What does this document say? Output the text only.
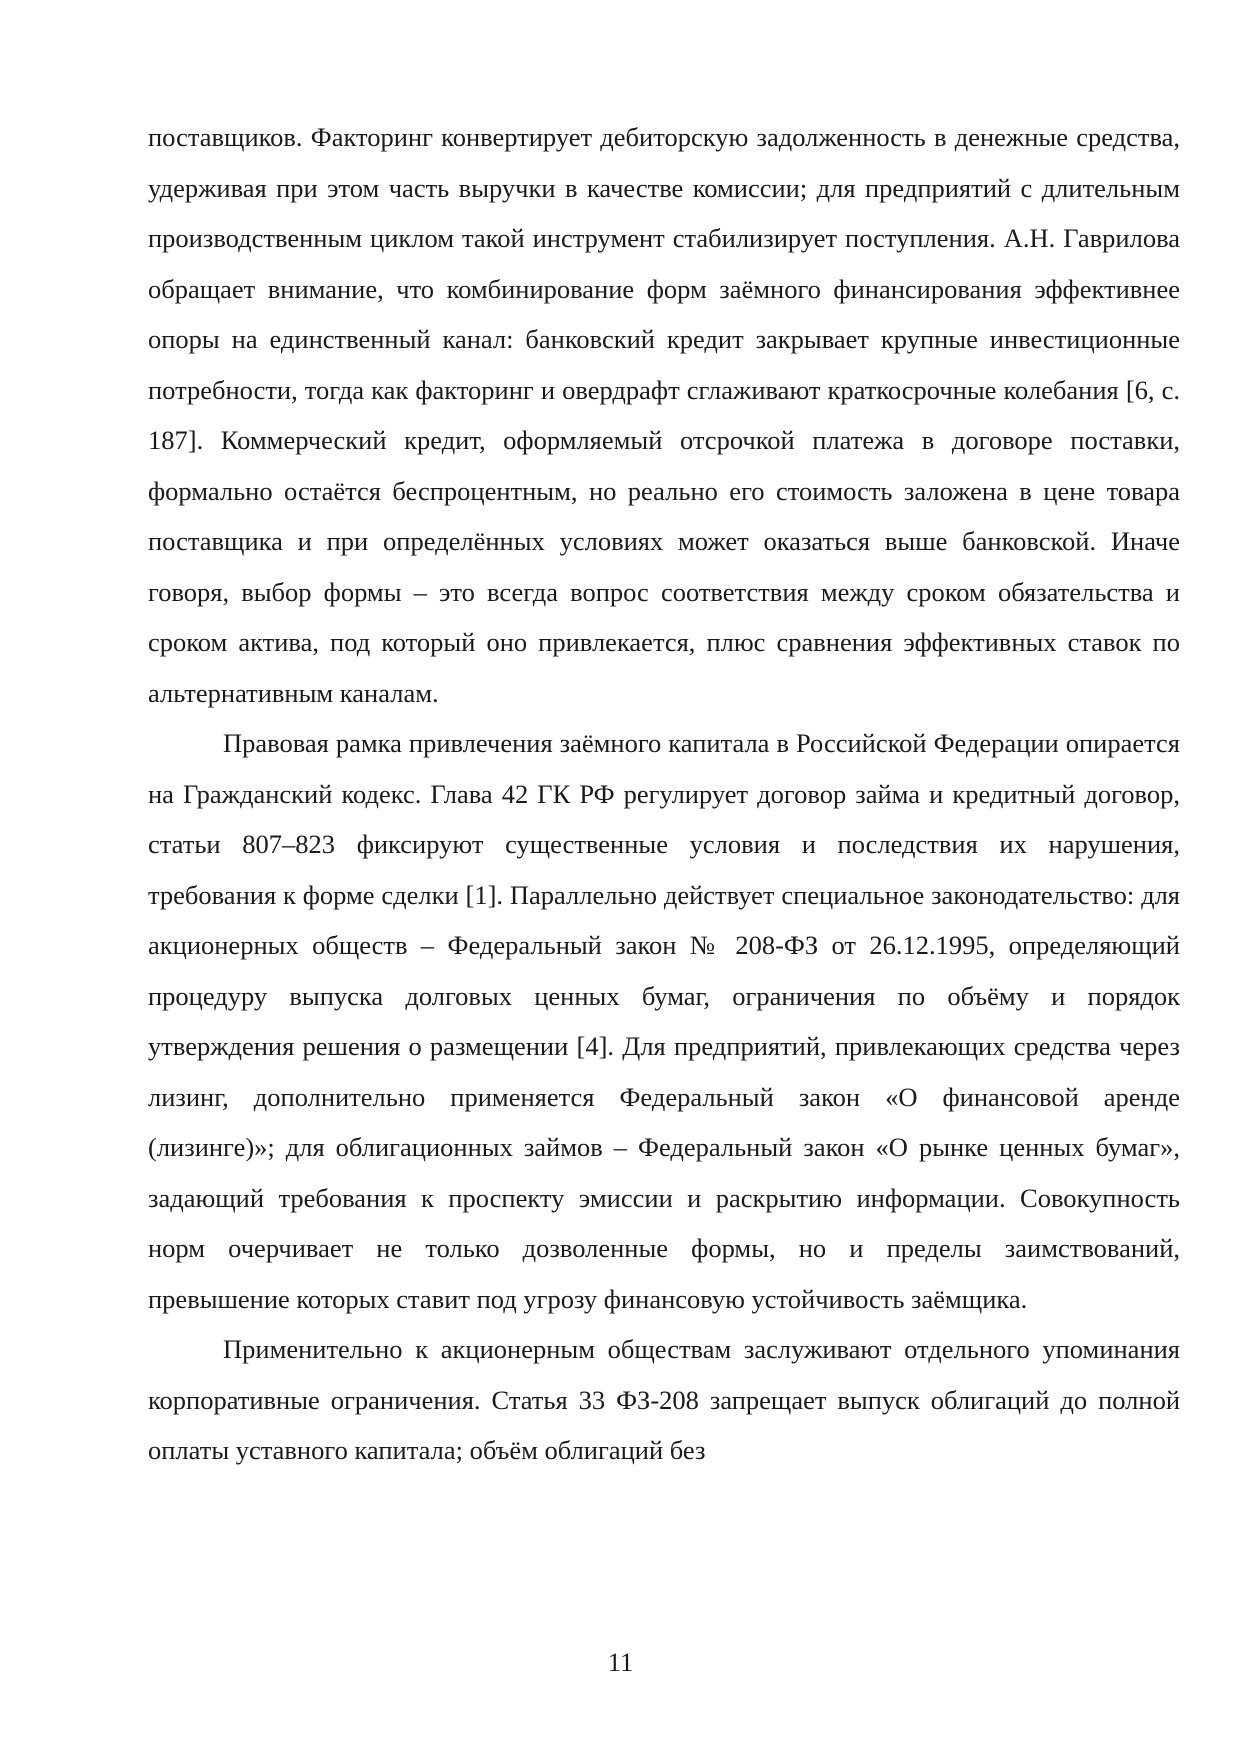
поставщиков. Факторинг конвертирует дебиторскую задолженность в денежные средства, удерживая при этом часть выручки в качестве комиссии; для предприятий с длительным производственным циклом такой инструмент стабилизирует поступления. А.Н. Гаврилова обращает внимание, что комбинирование форм заёмного финансирования эффективнее опоры на единственный канал: банковский кредит закрывает крупные инвестиционные потребности, тогда как факторинг и овердрафт сглаживают краткосрочные колебания [6, с. 187]. Коммерческий кредит, оформляемый отсрочкой платежа в договоре поставки, формально остаётся беспроцентным, но реально его стоимость заложена в цене товара поставщика и при определённых условиях может оказаться выше банковской. Иначе говоря, выбор формы – это всегда вопрос соответствия между сроком обязательства и сроком актива, под который оно привлекается, плюс сравнения эффективных ставок по альтернативным каналам.

Правовая рамка привлечения заёмного капитала в Российской Федерации опирается на Гражданский кодекс. Глава 42 ГК РФ регулирует договор займа и кредитный договор, статьи 807–823 фиксируют существенные условия и последствия их нарушения, требования к форме сделки [1]. Параллельно действует специальное законодательство: для акционерных обществ – Федеральный закон № 208-ФЗ от 26.12.1995, определяющий процедуру выпуска долговых ценных бумаг, ограничения по объёму и порядок утверждения решения о размещении [4]. Для предприятий, привлекающих средства через лизинг, дополнительно применяется Федеральный закон «О финансовой аренде (лизинге)»; для облигационных займов – Федеральный закон «О рынке ценных бумаг», задающий требования к проспекту эмиссии и раскрытию информации. Совокупность норм очерчивает не только дозволенные формы, но и пределы заимствований, превышение которых ставит под угрозу финансовую устойчивость заёмщика.

Применительно к акционерным обществам заслуживают отдельного упоминания корпоративные ограничения. Статья 33 ФЗ-208 запрещает выпуск облигаций до полной оплаты уставного капитала; объём облигаций без

11
